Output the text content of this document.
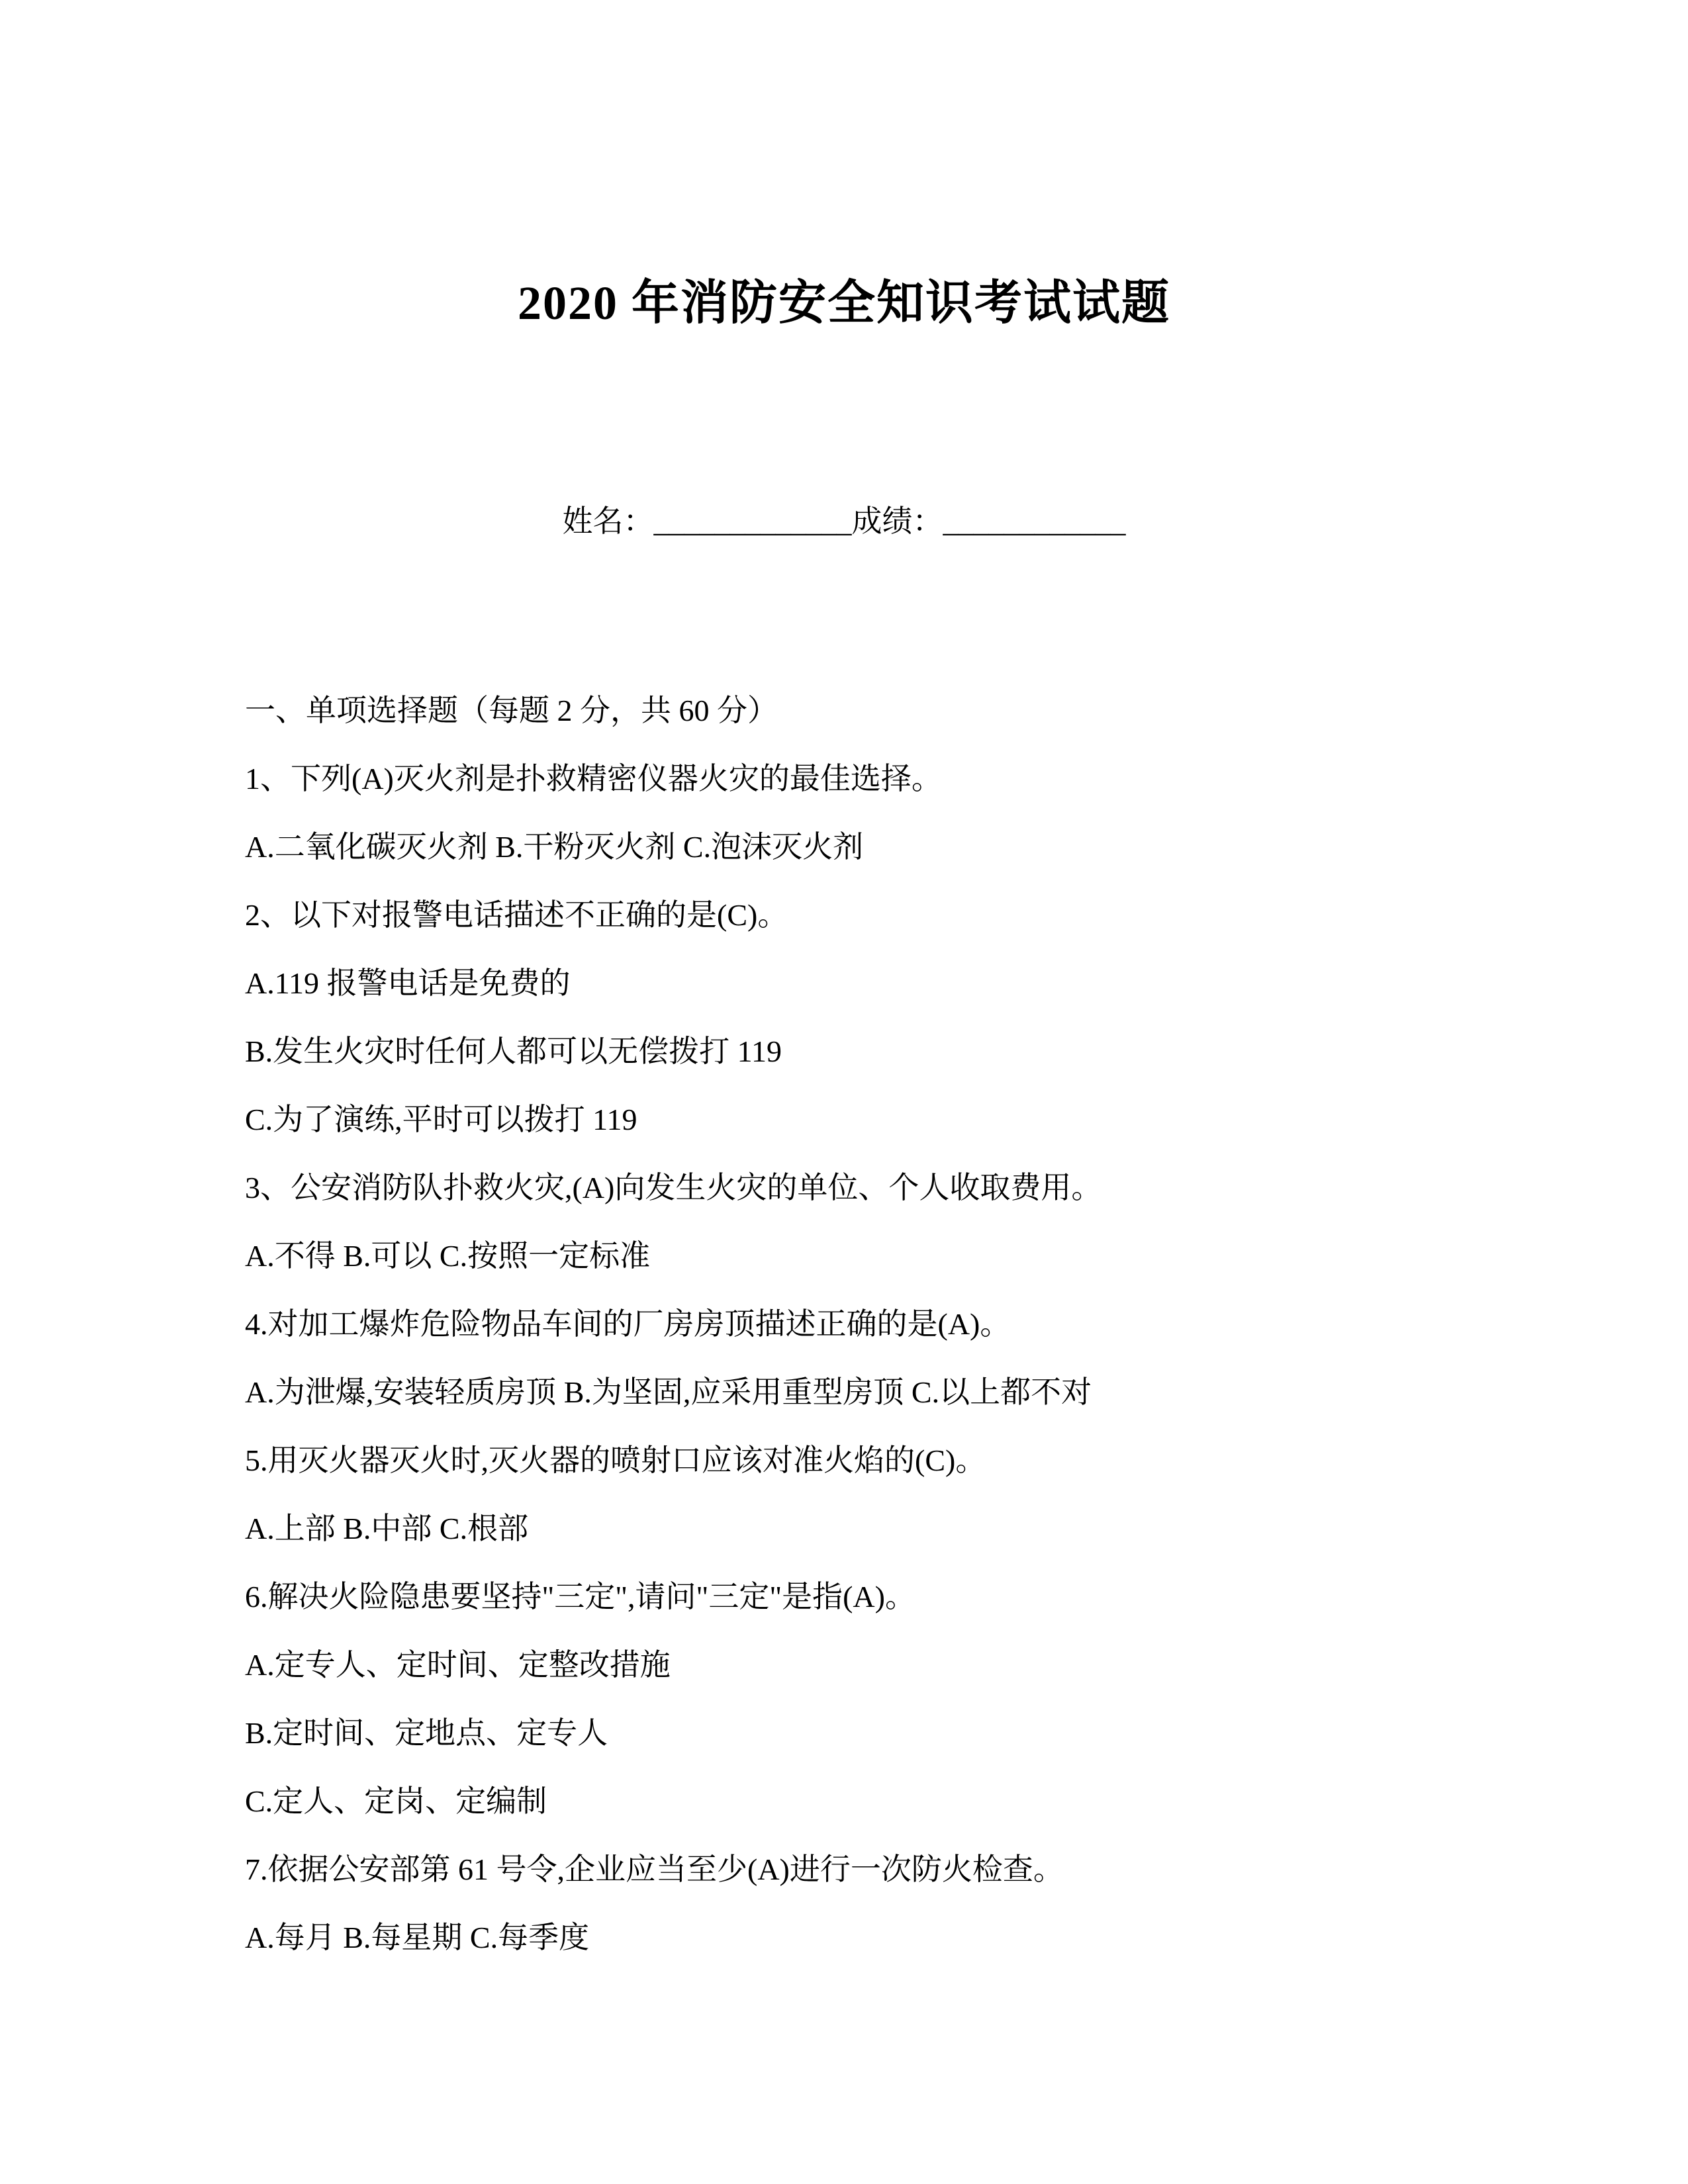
2020 年消防安全知识考试试题
姓名：_____________成绩：____________

一、单项选择题（每题 2 分，共 60 分）

1、下列(A)灭火剂是扑救精密仪器火灾的最佳选择。

A.二氧化碳灭火剂 B.干粉灭火剂 C.泡沫灭火剂

2、以下对报警电话描述不正确的是(C)。

A.119 报警电话是免费的

B.发生火灾时任何人都可以无偿拨打 119

C.为了演练,平时可以拨打 119

3、公安消防队扑救火灾,(A)向发生火灾的单位、个人收取费用。

A.不得 B.可以 C.按照一定标准

4.对加工爆炸危险物品车间的厂房房顶描述正确的是(A)。

A.为泄爆,安装轻质房顶 B.为坚固,应采用重型房顶 C.以上都不对

5.用灭火器灭火时,灭火器的喷射口应该对准火焰的(C)。

A.上部 B.中部 C.根部

6.解决火险隐患要坚持"三定",请问"三定"是指(A)。

A.定专人、定时间、定整改措施

B.定时间、定地点、定专人

C.定人、定岗、定编制

7.依据公安部第 61 号令,企业应当至少(A)进行一次防火检查。

A.每月 B.每星期 C.每季度
